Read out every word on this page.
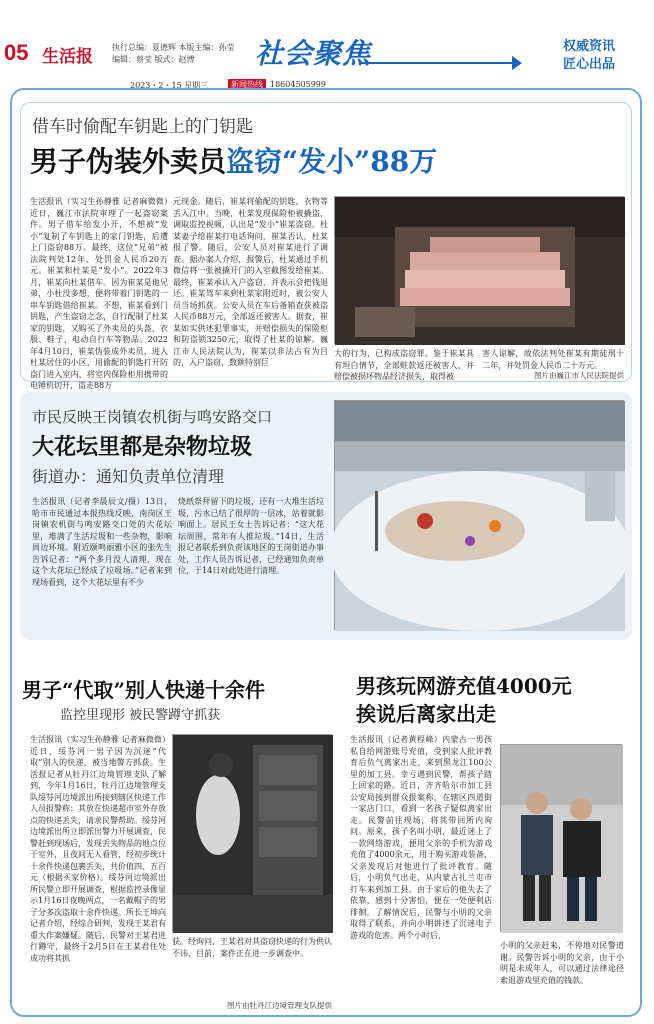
05 生活报 执行总编：夏德辉 本版主编：孙莹
编辑：蔡莹 版式：赵博	社会聚焦	权威资讯
匠心出品
2023・2・15 星期三	新闻热线 18604505999
借车时偷配车钥匙上的门钥匙
男子伪装外卖员盗窃“发小”88万
生活报讯（实习生孙静雅 记者麻微微）近日，巍江市法院审理了一起盗窃案件。男子借车给发小开，不想被“发小”复制了车钥匙上的家门钥匙，后遭上门盗窃88万。最终，这位“兄弟”被法院判处12年、处罚金人民币20万元。崔某和杜某是“发小”。2022年3月，崔某向杜某借车。因为崔某是他兄弟，小杜没多想，便将带着门钥匙的一串车钥匙借给崔某。不想，崔某看到门钥匙，产生盗窃之念，自行配制了杜某家的钥匙，又购买了外卖员的头盔、衣服、鞋子、电动自行车等物品。2022年4月10日，崔某伪装成外卖员，进入杜某居住的小区，用偷配的钥匙打开防盗门进入室内，将室内保险柜用携带的电锤机切开，盗走88万
元现金。随后，崔某将偷配的钥匙、衣物等丢入江中。当晚，杜某发现保险柜被撬盗，调取监控视频，认出是“发小”崔某盗窃。杜某妻子给崔某打电话询问，崔某否认，杜某报了警。随后，公安人员对崔某进行了调查。据办案人介绍，报警后，杜某通过手机微信将一张被撬开门的入室截图发给崔某。最终，崔某承认入户盗窃，并表示会把钱退还。崔某驾车来到杜某家附近时，被公安人员当场抓获。公安人员在车后备箱查获被盗人民币88万元，全部返还被害人。据查，崔某如实供述犯罪事实，并赔偿损失的保险柜和防盗锁3250元，取得了杜某的谅解。巍江市人民法院认为，崔某以非法占有为目的，入户盗窃，数额特别巨
大的行为，已构成盗窃罪。鉴于崔某具有坦白情节，全部赃款返还被害人，并赔偿被损坏物品经济损失，取得被
害人谅解，故依法判处崔某有期徒刑十二年，并处罚金人民币二十万元。
图片由巍江市人民法院提供
市民反映王岗镇农机街与鸣安路交口
大花坛里都是杂物垃圾
街道办：通知负责单位清理
生活报讯（记者李晨辰文/摄）13日，哈市市民通过本报热线反映，南岗区王岗镇农机街与鸣安路交口处的大花坛里，堆满了生活垃圾和一些杂物，影响周边环境。附近颐鸣丽雅小区的张先生告诉记者：“两个多月没人清理，现在这个大花坛已经成了垃圾场。”记者来到现场看到，这个大花坛里有不少
烧纸祭拜留下的垃圾，还有一大堆生活垃圾，污水已结了很厚的一层冰，站着就影响面上。居民王女士告诉记者：“这大花坛周围，常年有人推垃圾。”14日，生活报记者联系到负责该地区的王岗街道办事处，工作人员告诉记者，已经通知负责单位，于14日对此处进行清理。
男子“代取”别人快递十余件
监控里现形 被民警蹲守抓获
生活报讯（实习生孙静雅 记者麻微微）近日，绥芬河一男子因为沉迷“代取”别人的快递，被当地警方抓获。生活报记者从牡丹江边境管理支队了解到，今年1月16日，牡丹江边境管理支队绥芬河边境派出所接到辖区快递工作人员报警称：其放在快递超市室外存放点的快递丢失，请求民警帮助。绥芬河边境派出所立即派出警力开展调查，民警赶到现场后，发现丢失物品的地点位于室外，且夜间无人看管，经初步统计十余件快递包裹丢失，共价值四、五百元（根据买家价格）。绥芬河边境派出所民警立即开展调查，根据监控录像显示1月16日夜晚两点，一名戴帽子的男子分多次盗取十余件快递。所长王坤向记者介绍，经综合研判，发现王某君有重大作案嫌疑。随后，民警对王某君进行蹲守，最终于2月5日在王某君住处成功将其抓
获。经询问，王某君对其盗窃快递的行为供认不讳，目前，案件正在进一步调查中。
图片由牡丹江边境管理支队提供
男孩玩网游充值4000元
挨说后离家出走
生活报讯（记者黄程峰）内蒙古一男孩私自给网游账号充值，受到家人批评教育后负气离家出走，来到黑龙江100公里的加工县。幸亏遇到民警，帮孩子踏上回家的路。近日，齐齐哈尔市加工县公安局接到群众报案称，在辖区四道街一家店门口，看到一名孩子疑似离家出走。民警前往现场，将其带回所内询问。原来，孩子名叫小明，最近迷上了一款网络游戏，便用父亲的手机为游戏充值了4000余元，用于购买游戏装备，父亲发现后对他进行了批评教育。随后，小明负气出走，从内蒙古扎兰屯市打车来到加工县。由于家后的他失去了依靠，感到十分害怕，便在一处便利店徘徊。了解情况后，民警与小明的父亲取得了联系，并向小明讲述了沉迷电子游戏的危害。两个小时后，
小明的父亲赶来，不停地对民警道谢。民警告诉小明的父亲，由于小明是未成年人，可以通过法律途径索退游戏里充值的钱款。
